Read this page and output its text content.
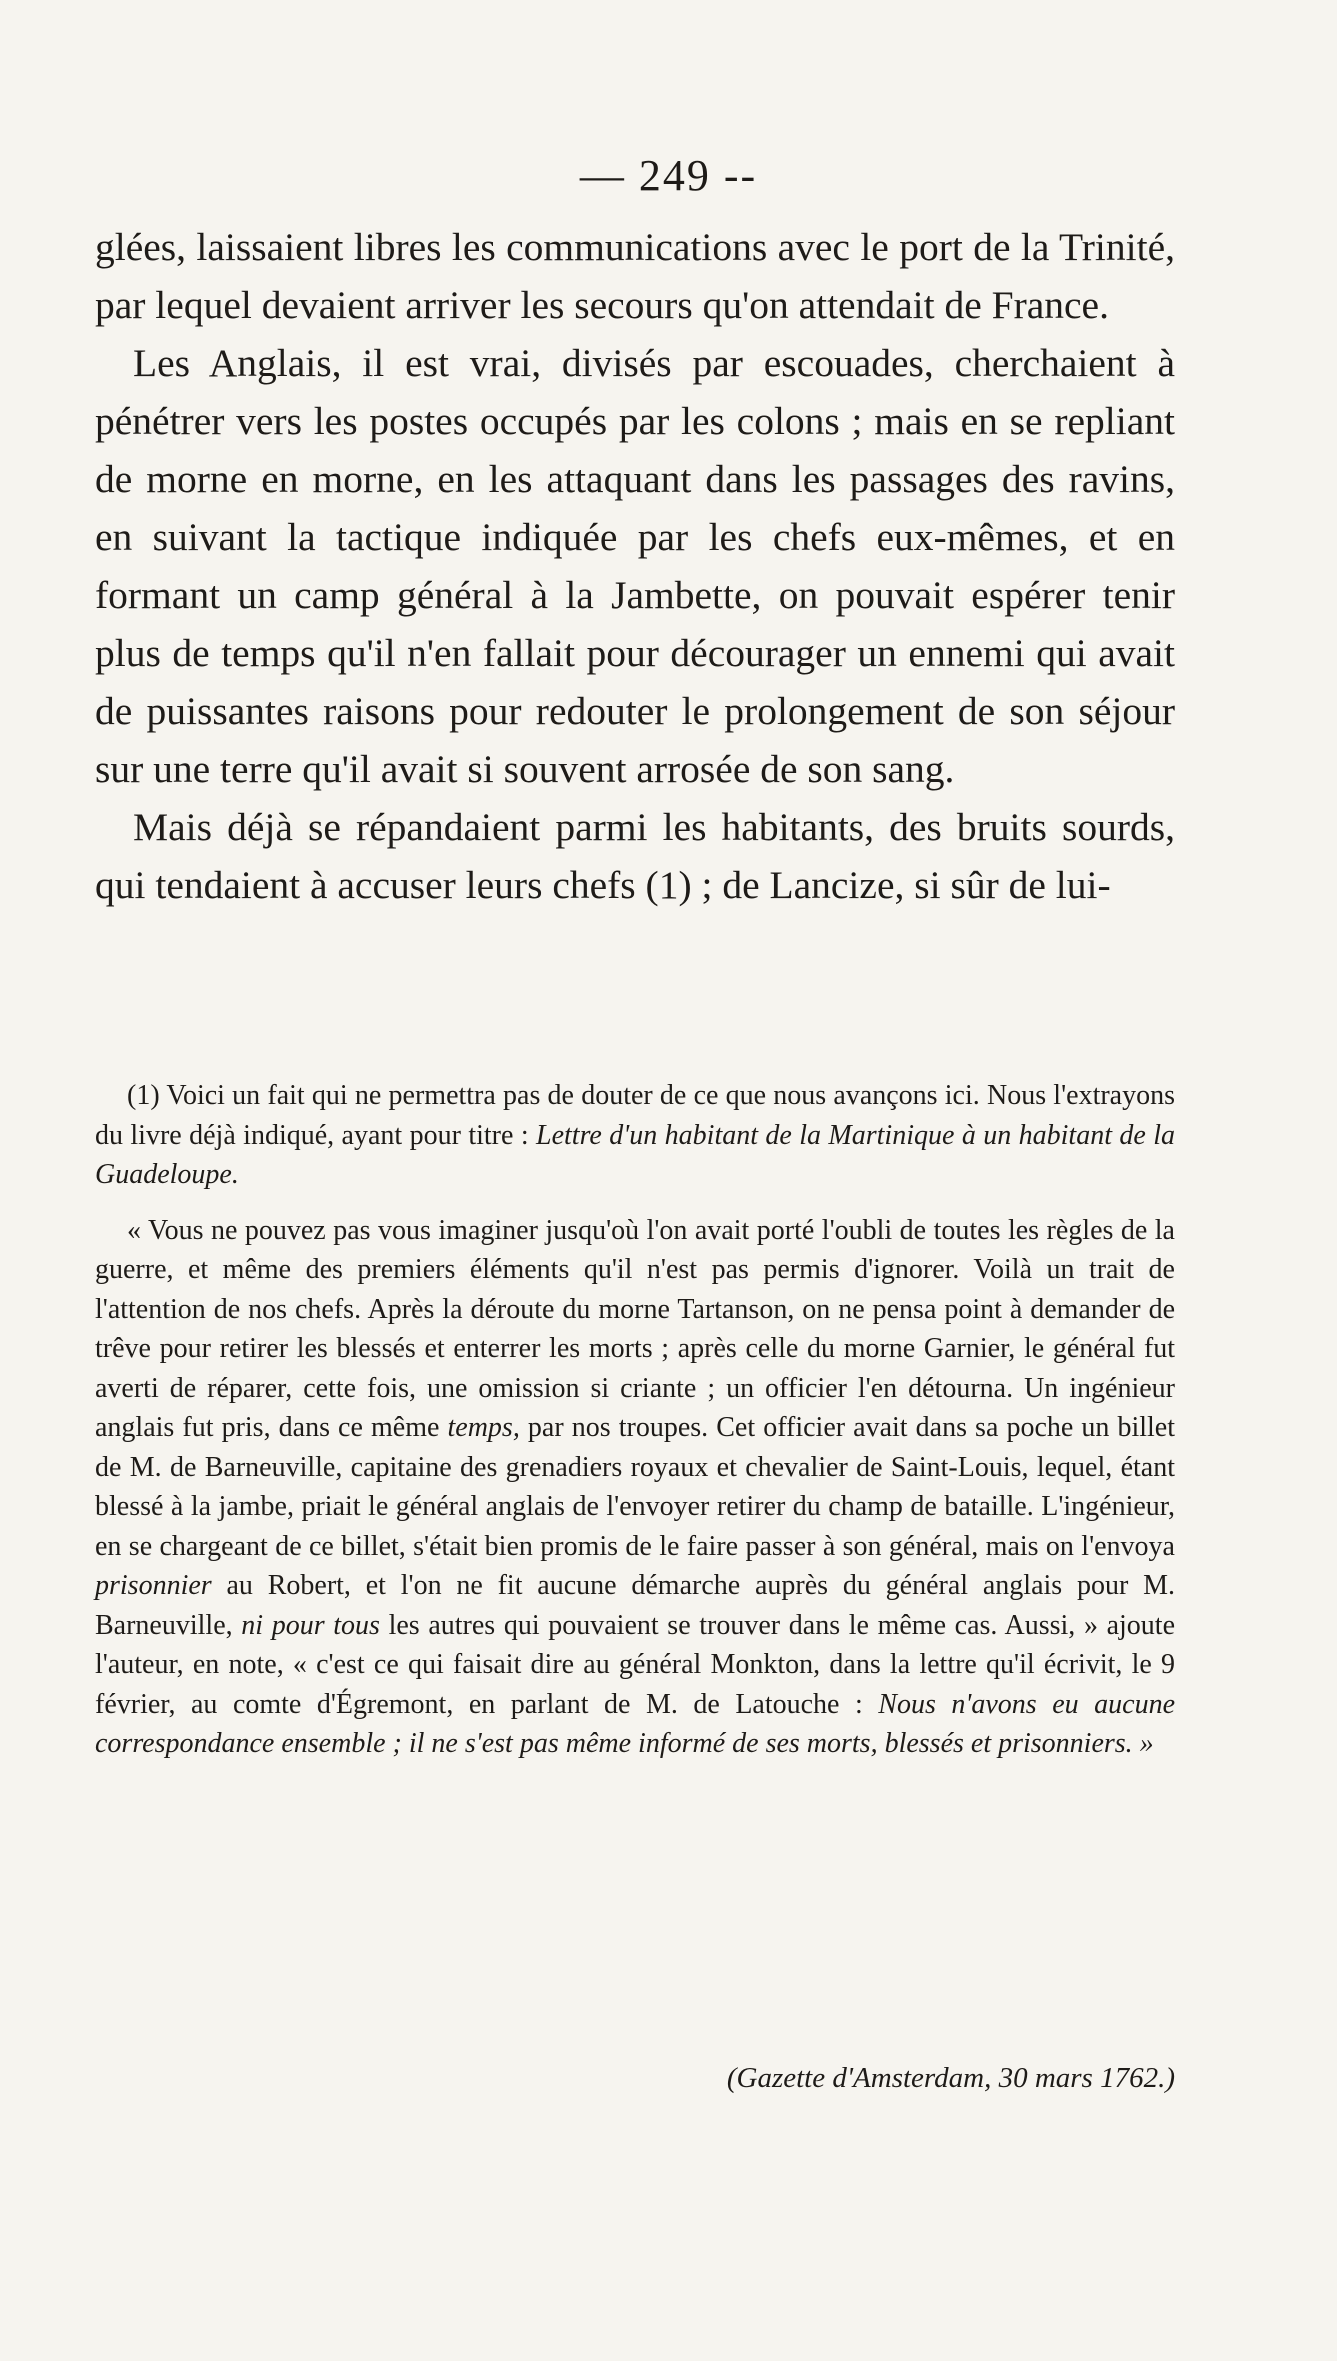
— 249 --

glées, laissaient libres les communications avec le port de la Trinité, par lequel devaient arriver les secours qu'on attendait de France.

Les Anglais, il est vrai, divisés par escouades, cherchaient à pénétrer vers les postes occupés par les colons ; mais en se repliant de morne en morne, en les attaquant dans les passages des ravins, en suivant la tactique indiquée par les chefs eux-mêmes, et en formant un camp général à la Jambette, on pouvait espérer tenir plus de temps qu'il n'en fallait pour décourager un ennemi qui avait de puissantes raisons pour redouter le prolongement de son séjour sur une terre qu'il avait si souvent arrosée de son sang.

Mais déjà se répandaient parmi les habitants, des bruits sourds, qui tendaient à accuser leurs chefs (1) ; de Lancize, si sûr de lui-

(1) Voici un fait qui ne permettra pas de douter de ce que nous avançons ici. Nous l'extrayons du livre déjà indiqué, ayant pour titre : Lettre d'un habitant de la Martinique à un habitant de la Guadeloupe.

« Vous ne pouvez pas vous imaginer jusqu'où l'on avait porté l'oubli de toutes les règles de la guerre, et même des premiers éléments qu'il n'est pas permis d'ignorer. Voilà un trait de l'attention de nos chefs. Après la déroute du morne Tartanson, on ne pensa point à demander de trêve pour retirer les blessés et enterrer les morts ; après celle du morne Garnier, le général fut averti de réparer, cette fois, une omission si criante ; un officier l'en détourna. Un ingénieur anglais fut pris, dans ce même temps, par nos troupes. Cet officier avait dans sa poche un billet de M. de Barneuville, capitaine des grenadiers royaux et chevalier de Saint-Louis, lequel, étant blessé à la jambe, priait le général anglais de l'envoyer retirer du champ de bataille. L'ingénieur, en se chargeant de ce billet, s'était bien promis de le faire passer à son général, mais on l'envoya prisonnier au Robert, et l'on ne fit aucune démarche auprès du général anglais pour M. Barneuville, ni pour tous les autres qui pouvaient se trouver dans le même cas. Aussi, » ajoute l'auteur, en note, « c'est ce qui faisait dire au général Monkton, dans la lettre qu'il écrivit, le 9 février, au comte d'Égremont, en parlant de M. de Latouche : Nous n'avons eu aucune correspondance ensemble ; il ne s'est pas même informé de ses morts, blessés et prisonniers. »

(Gazette d'Amsterdam, 30 mars 1762.)
